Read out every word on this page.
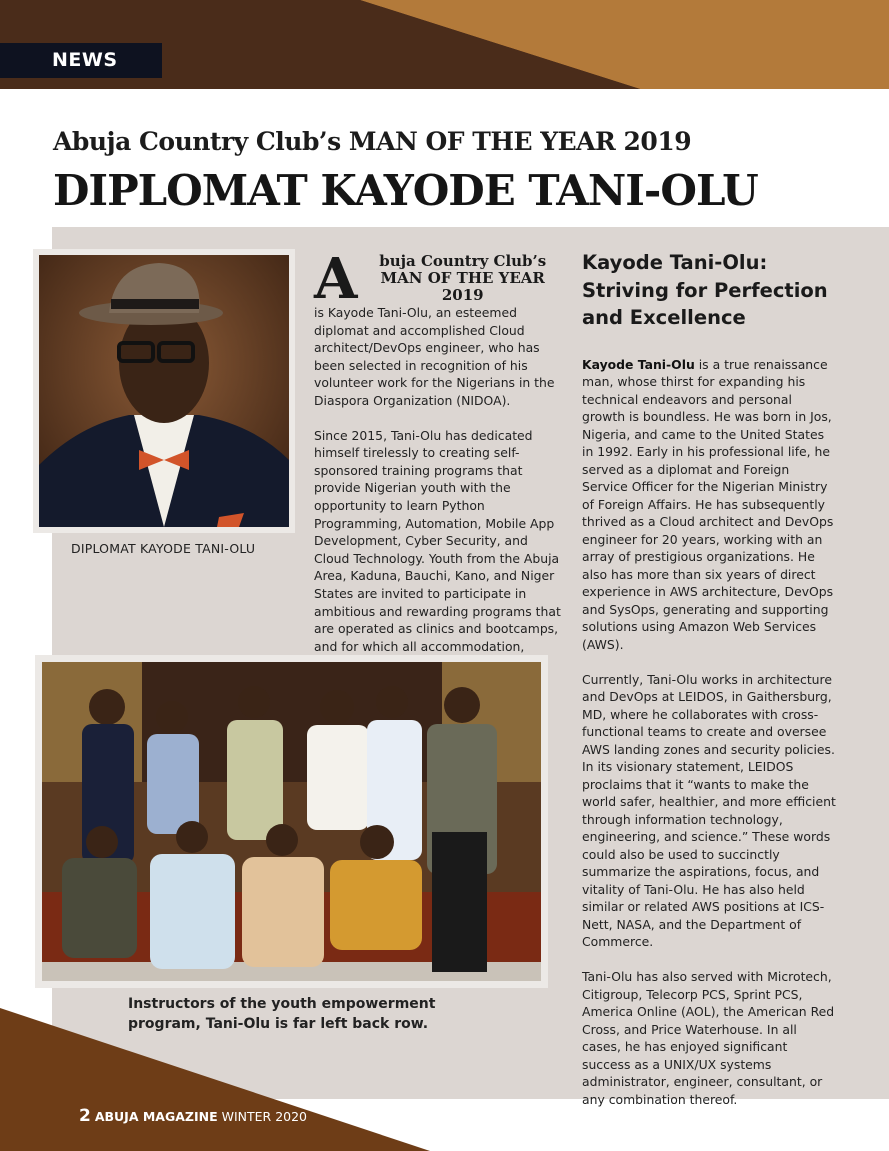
NEWS
Abuja Country Club’s MAN OF THE YEAR 2019
DIPLOMAT KAYODE TANI-OLU
DIPLOMAT KAYODE TANI-OLU
A	buja Country Club’s
MAN OF THE YEAR 2019

is Kayode Tani-Olu, an esteemed diplomat and accomplished Cloud architect/DevOps engineer, who has been selected in recognition of his volunteer work for the Nigerians in the Diaspora Organization (NIDOA).

Since 2015, Tani-Olu has dedicated himself tirelessly to creating self-sponsored training programs that provide Nigerian youth with the opportunity to learn Python Programming, Automation, Mobile App Development, Cyber Security, and Cloud Technology. Youth from the Abuja Area, Kaduna, Bauchi, Kano, and Niger States are invited to participate in ambitious and rewarding programs that are operated as clinics and bootcamps, and for which all accommodation,

Kayode Tani-Olu: Striving for Perfection and Excellence

Kayode Tani-Olu is a true renaissance man, whose thirst for expanding his technical endeavors and personal growth is boundless. He was born in Jos, Nigeria, and came to the United States in 1992. Early in his professional life, he served as a diplomat and Foreign Service Officer for the Nigerian Ministry of Foreign Affairs. He has subsequently thrived as a Cloud architect and DevOps engineer for 20 years, working with an array of prestigious organizations. He also has more than six years of direct experience in AWS architecture, DevOps and SysOps, generating and supporting solutions using Amazon Web Services (AWS).

Currently, Tani-Olu works in architecture and DevOps at LEIDOS, in Gaithersburg, MD, where he collaborates with cross-functional teams to create and oversee AWS landing zones and security policies. In its visionary statement, LEIDOS proclaims that it “wants to make the world safer, healthier, and more efficient through information technology, engineering, and science.” These words could also be used to succinctly summarize the aspirations, focus, and vitality of Tani-Olu. He has also held similar or related AWS positions at ICS-Nett, NASA, and the Department of Commerce.

Tani-Olu has also served with Microtech, Citigroup, Telecorp PCS, Sprint PCS, America Online (AOL), the American Red Cross, and Price Waterhouse. In all cases, he has enjoyed significant success as a UNIX/UX systems administrator, engineer, consultant, or any combination thereof.

Instructors of the youth empowerment program, Tani-Olu is far left back row.
2 ABUJA MAGAZINE WINTER 2020
